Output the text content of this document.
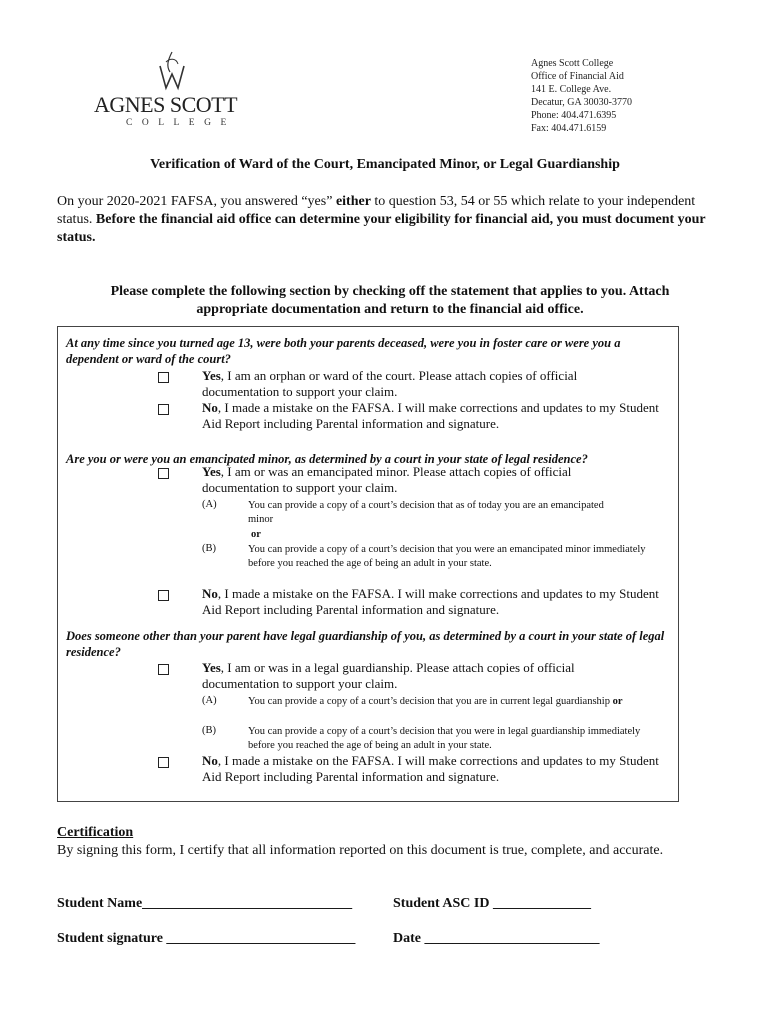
AGNES SCOTT
COLLEGE
Agnes Scott College
Office of Financial Aid
141 E. College Ave.
Decatur, GA 30030-3770
Phone: 404.471.6395
Fax: 404.471.6159
Verification of Ward of the Court, Emancipated Minor, or Legal Guardianship
On your 2020-2021 FAFSA, you answered “yes” either to question 53, 54 or 55 which relate to your independent status. Before the financial aid office can determine your eligibility for financial aid, you must document your status.
Please complete the following section by checking off the statement that applies to you. Attach appropriate documentation and return to the financial aid office.
At any time since you turned age 13, were both your parents deceased, were you in foster care or were you a dependent or ward of the court?
Yes, I am an orphan or ward of the court. Please attach copies of official documentation to support your claim.
No, I made a mistake on the FAFSA. I will make corrections and updates to my Student Aid Report including Parental information and signature.
Are you or were you an emancipated minor, as determined by a court in your state of legal residence?
Yes, I am or was an emancipated minor. Please attach copies of official documentation to support your claim.
(A)	You can provide a copy of a court’s decision that as of today you are an emancipated minor
or
(B)	You can provide a copy of a court’s decision that you were an emancipated minor immediately before you reached the age of being an adult in your state.
No, I made a mistake on the FAFSA. I will make corrections and updates to my Student Aid Report including Parental information and signature.
Does someone other than your parent have legal guardianship of you, as determined by a court in your state of legal residence?
Yes, I am or was in a legal guardianship. Please attach copies of official documentation to support your claim.
(A)	You can provide a copy of a court’s decision that you are in current legal guardianship or
(B)	You can provide a copy of a court’s decision that you were in legal guardianship immediately before you reached the age of being an adult in your state.
No, I made a mistake on the FAFSA. I will make corrections and updates to my Student Aid Report including Parental information and signature.
Certification
By signing this form, I certify that all information reported on this document is true, complete, and accurate.
Student Name______________________________	Student ASC ID ______________
Student signature ___________________________	Date _________________________
